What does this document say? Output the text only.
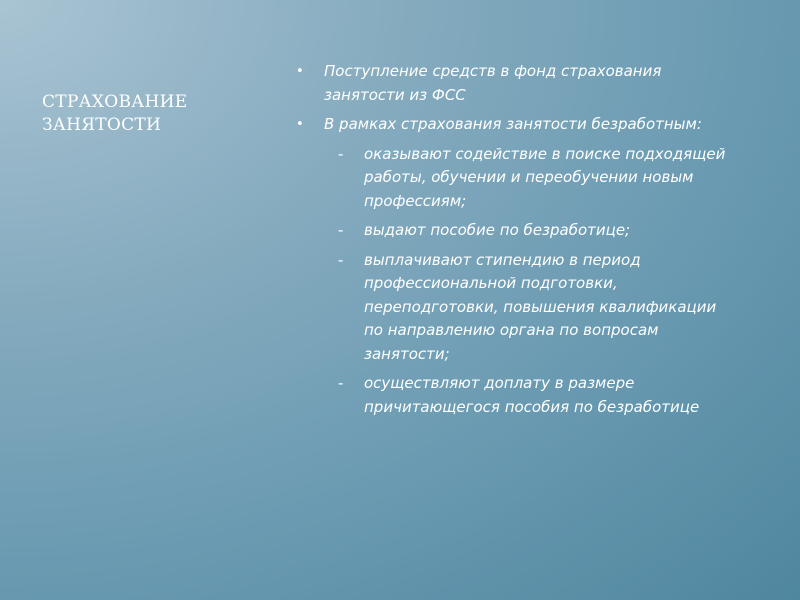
СТРАХОВАНИЕ ЗАНЯТОСТИ
• Поступление средств в фонд страхования занятости из ФСС
• В рамках страхования занятости безработным:
- оказывают содействие в поиске подходящей работы, обучении и переобучении новым профессиям;
- выдают пособие по безработице;
- выплачивают стипендию в период профессиональной подготовки, переподготовки, повышения квалификации по направлению органа по вопросам занятости;
- осуществляют доплату в размере причитающегося пособия по безработице
